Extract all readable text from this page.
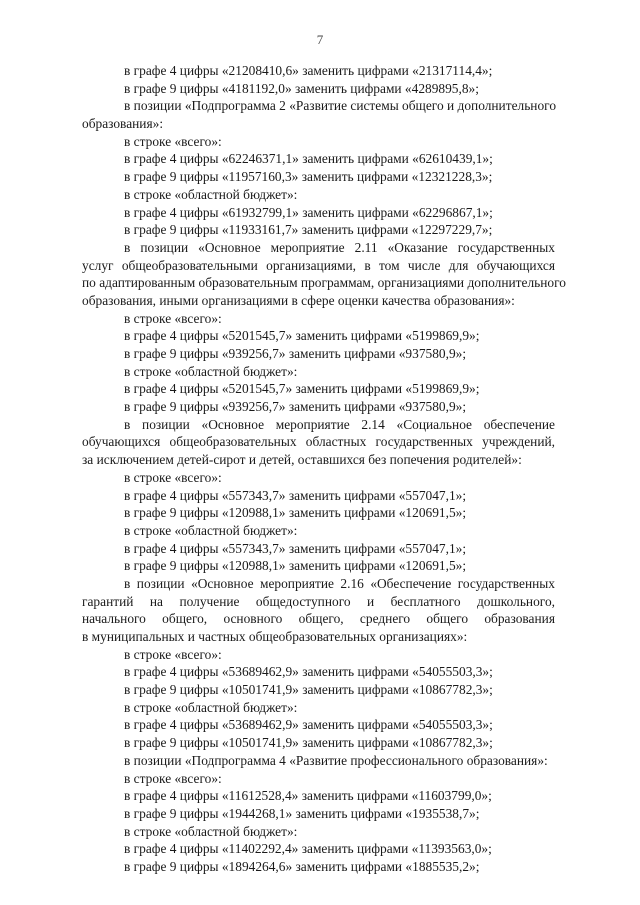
7
в графе 4 цифры «21208410,6» заменить цифрами «21317114,4»;
в графе 9 цифры «4181192,0» заменить цифрами «4289895,8»;
в позиции «Подпрограмма 2 «Развитие системы общего и дополнительного
образования»:
в строке «всего»:
в графе 4 цифры «62246371,1» заменить цифрами «62610439,1»;
в графе 9 цифры «11957160,3» заменить цифрами «12321228,3»;
в строке «областной бюджет»:
в графе 4 цифры «61932799,1» заменить цифрами «62296867,1»;
в графе 9 цифры «11933161,7» заменить цифрами «12297229,7»;
в позиции «Основное мероприятие 2.11 «Оказание государственных
услуг общеобразовательными организациями, в том числе для обучающихся
по адаптированным образовательным программам, организациями дополнительного
образования, иными организациями в сфере оценки качества образования»:
в строке «всего»:
в графе 4 цифры «5201545,7» заменить цифрами «5199869,9»;
в графе 9 цифры «939256,7» заменить цифрами «937580,9»;
в строке «областной бюджет»:
в графе 4 цифры «5201545,7» заменить цифрами «5199869,9»;
в графе 9 цифры «939256,7» заменить цифрами «937580,9»;
в позиции «Основное мероприятие 2.14 «Социальное обеспечение
обучающихся общеобразовательных областных государственных учреждений,
за исключением детей-сирот и детей, оставшихся без попечения родителей»:
в строке «всего»:
в графе 4 цифры «557343,7» заменить цифрами «557047,1»;
в графе 9 цифры «120988,1» заменить цифрами «120691,5»;
в строке «областной бюджет»:
в графе 4 цифры «557343,7» заменить цифрами «557047,1»;
в графе 9 цифры «120988,1» заменить цифрами «120691,5»;
в позиции «Основное мероприятие 2.16 «Обеспечение государственных
гарантий на получение общедоступного и бесплатного дошкольного,
начального общего, основного общего, среднего общего образования
в муниципальных и частных общеобразовательных организациях»:
в строке «всего»:
в графе 4 цифры «53689462,9» заменить цифрами «54055503,3»;
в графе 9 цифры «10501741,9» заменить цифрами «10867782,3»;
в строке «областной бюджет»:
в графе 4 цифры «53689462,9» заменить цифрами «54055503,3»;
в графе 9 цифры «10501741,9» заменить цифрами «10867782,3»;
в позиции «Подпрограмма 4 «Развитие профессионального образования»:
в строке «всего»:
в графе 4 цифры «11612528,4» заменить цифрами «11603799,0»;
в графе 9 цифры «1944268,1» заменить цифрами «1935538,7»;
в строке «областной бюджет»:
в графе 4 цифры «11402292,4» заменить цифрами «11393563,0»;
в графе 9 цифры «1894264,6» заменить цифрами «1885535,2»;
